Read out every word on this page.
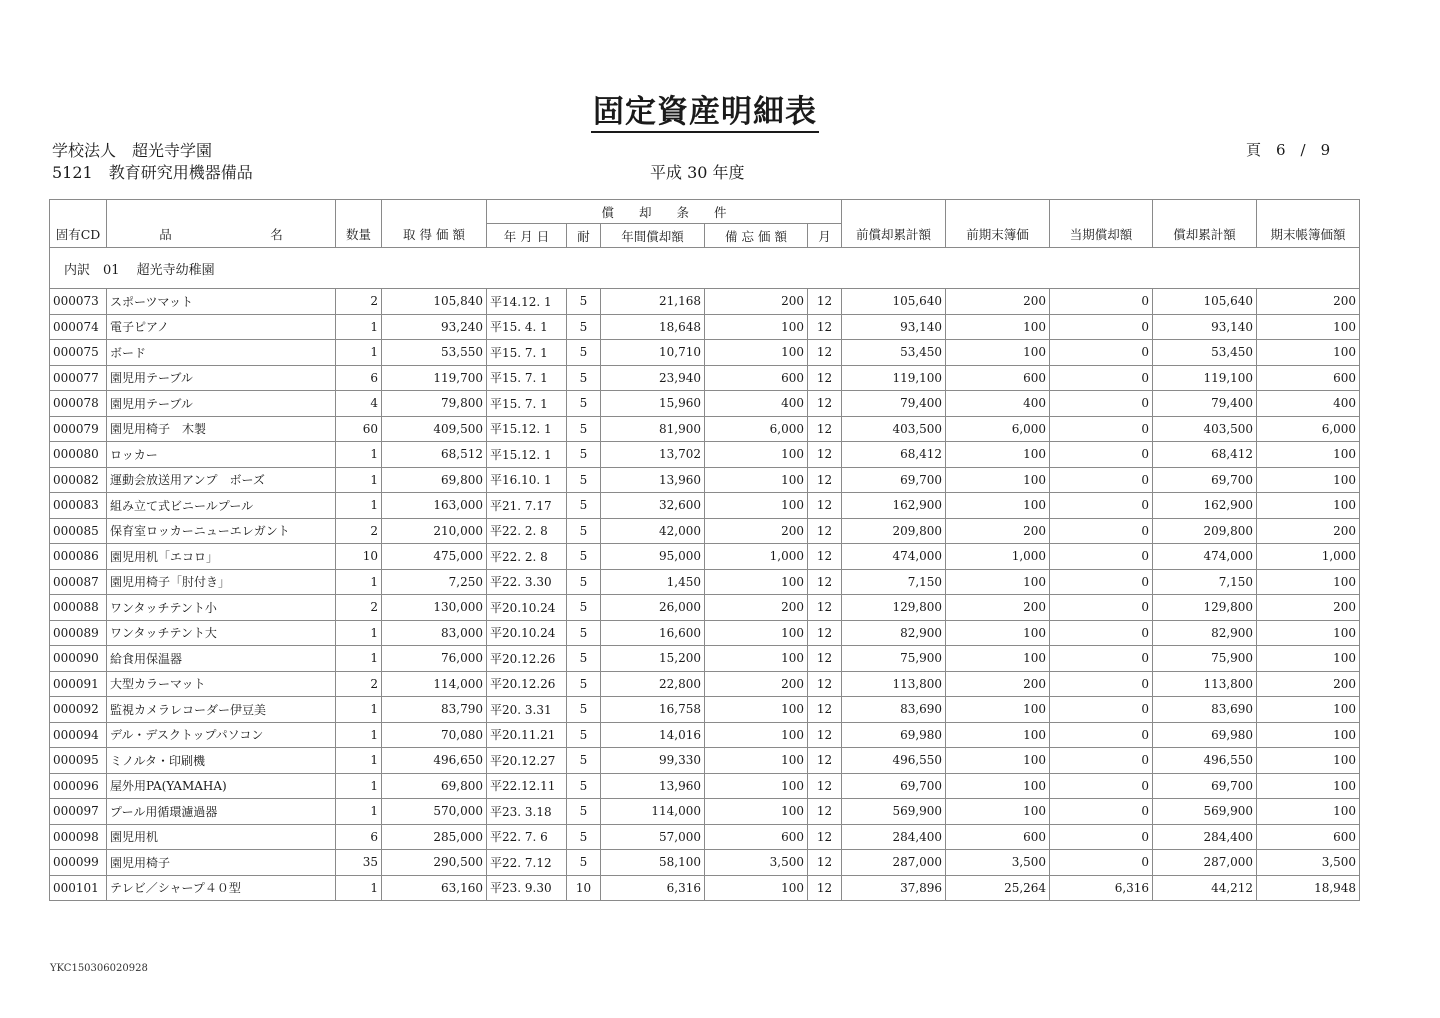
固定資産明細表
学校法人　超光寺学園
5121　教育研究用機器備品	平成 30 年度
頁　6　/　9
固有CD	品 名	数量	取 得 価 額	償　　却　　条　　件					前償却累計額	前期末簿価	当期償却額	償却累計額	期末帳簿価額
				年 月 日	耐	年間償却額	備 忘 価 額	月					
内訳　01　 超光寺幼稚園													
000073	スポーツマット	2	105,840	平14.12. 1	5	21,168	200	12	105,640	200	0	105,640	200
000074	電子ピアノ	1	93,240	平15. 4. 1	5	18,648	100	12	93,140	100	0	93,140	100
000075	ボード	1	53,550	平15. 7. 1	5	10,710	100	12	53,450	100	0	53,450	100
000077	園児用テーブル	6	119,700	平15. 7. 1	5	23,940	600	12	119,100	600	0	119,100	600
000078	園児用テーブル	4	79,800	平15. 7. 1	5	15,960	400	12	79,400	400	0	79,400	400
000079	園児用椅子　木製	60	409,500	平15.12. 1	5	81,900	6,000	12	403,500	6,000	0	403,500	6,000
000080	ロッカー	1	68,512	平15.12. 1	5	13,702	100	12	68,412	100	0	68,412	100
000082	運動会放送用アンプ　ボーズ	1	69,800	平16.10. 1	5	13,960	100	12	69,700	100	0	69,700	100
000083	組み立て式ビニールプール	1	163,000	平21. 7.17	5	32,600	100	12	162,900	100	0	162,900	100
000085	保育室ロッカーニューエレガント	2	210,000	平22. 2. 8	5	42,000	200	12	209,800	200	0	209,800	200
000086	園児用机「エコロ」	10	475,000	平22. 2. 8	5	95,000	1,000	12	474,000	1,000	0	474,000	1,000
000087	園児用椅子「肘付き」	1	7,250	平22. 3.30	5	1,450	100	12	7,150	100	0	7,150	100
000088	ワンタッチテント小	2	130,000	平20.10.24	5	26,000	200	12	129,800	200	0	129,800	200
000089	ワンタッチテント大	1	83,000	平20.10.24	5	16,600	100	12	82,900	100	0	82,900	100
000090	給食用保温器	1	76,000	平20.12.26	5	15,200	100	12	75,900	100	0	75,900	100
000091	大型カラーマット	2	114,000	平20.12.26	5	22,800	200	12	113,800	200	0	113,800	200
000092	監視カメラレコーダー伊豆美	1	83,790	平20. 3.31	5	16,758	100	12	83,690	100	0	83,690	100
000094	デル・デスクトップパソコン	1	70,080	平20.11.21	5	14,016	100	12	69,980	100	0	69,980	100
000095	ミノルタ・印刷機	1	496,650	平20.12.27	5	99,330	100	12	496,550	100	0	496,550	100
000096	屋外用PA(YAMAHA)	1	69,800	平22.12.11	5	13,960	100	12	69,700	100	0	69,700	100
000097	プール用循環濾過器	1	570,000	平23. 3.18	5	114,000	100	12	569,900	100	0	569,900	100
000098	園児用机	6	285,000	平22. 7. 6	5	57,000	600	12	284,400	600	0	284,400	600
000099	園児用椅子	35	290,500	平22. 7.12	5	58,100	3,500	12	287,000	3,500	0	287,000	3,500
000101	テレビ／シャープ４０型	1	63,160	平23. 9.30	10	6,316	100	12	37,896	25,264	6,316	44,212	18,948
YKC150306020928
